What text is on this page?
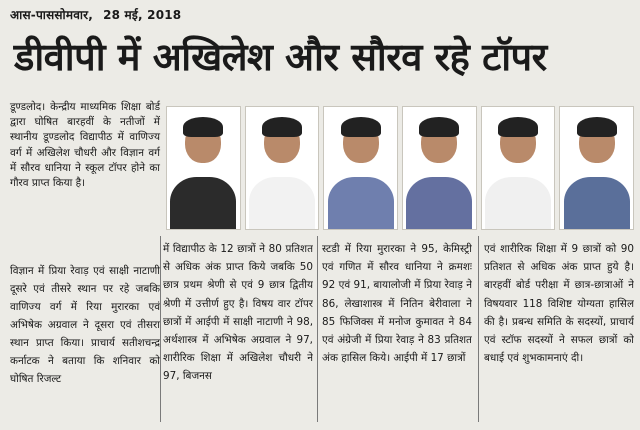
आस-पाससोमवार, 28 मई, 2018
डीवीपी में अखिलेश और सौरव रहे टॉपर
डूण्डलोद। केन्द्रीय माध्यमिक शिक्षा बोर्ड द्वारा घोषित बारहवीं के नतीजों में स्थानीय डूण्डलोद विद्यापीठ में वाणिज्य वर्ग में अखिलेश चौधरी और विज्ञान वर्ग में सौरव धानिया ने स्कूल टॉपर होने का गौरव प्राप्त किया है।
विज्ञान में प्रिया रेवाड़ एवं साक्षी नाटाणी दूसरे एवं तीसरे स्थान पर रहे जबकि वाणिज्य वर्ग में रिया मुरारका एवं अभिषेक अग्रवाल ने दूसरा एवं तीसरा स्थान प्राप्त किया। प्राचार्य सतीशचन्द्र कर्नाटक ने बताया कि शनिवार को घोषित रिजल्ट
में विद्यापीठ के 12 छात्रों ने 80 प्रतिशत से अधिक अंक प्राप्त किये जबकि 50 छात्र प्रथम श्रेणी से एवं 9 छात्र द्वितीय श्रेणी में उत्तीर्ण हुए है। विषय वार टॉपर छात्रों में आईपी में साक्षी नाटाणी ने 98, अर्थशास्त्र में अभिषेक अग्रवाल ने 97, शारीरिक शिक्षा में अखिलेश चौधरी ने 97, बिजनस
स्टडी में रिया मुरारका ने 95, केमिस्ट्री एवं गणित में सौरव धानिया ने क्रमशः 92 एवं 91, बायालोजी में प्रिया रेवाड़ ने 86, लेखाशास्त्र में नितिन बेरीवाला ने 85 फिजिक्स में मनोज कुमावत ने 84 एवं अंग्रेजी में प्रिया रेवाड़ ने 83 प्रतिशत अंक हासिल किये। आईपी में 17 छात्रों
एवं शारीरिक शिक्षा में 9 छात्रों को 90 प्रतिशत से अधिक अंक प्राप्त हुये है। बारहवीं बोर्ड परीक्षा में छात्र-छात्राओं ने विषयवार 118 विशिष्ट योग्यता हासिल की है। प्रबन्ध समिति के सदस्यों, प्राचार्य एवं स्टॉफ सदस्यों ने सफल छात्रों को बधाई एवं शुभकामनाएं दी।
